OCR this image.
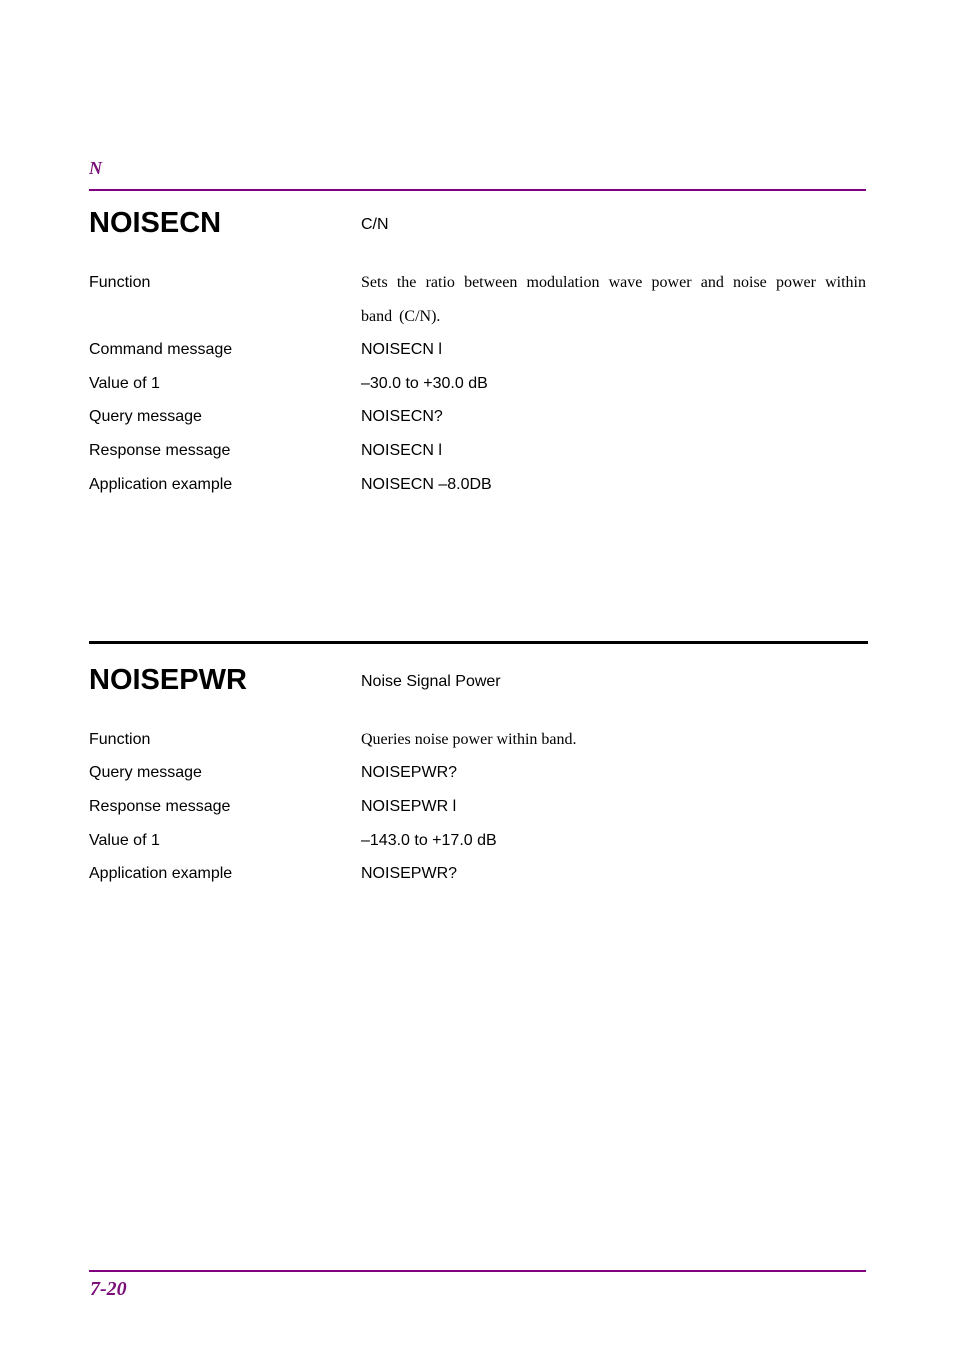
N
NOISECN	C/N
Function	Sets the ratio between modulation wave power and noise power within band (C/N).
Command message	NOISECN l
Value of 1	–30.0 to +30.0 dB
Query message	NOISECN?
Response message	NOISECN l
Application example	NOISECN –8.0DB
NOISEPWR	Noise Signal Power
Function	Queries noise power within band.
Query message	NOISEPWR?
Response message	NOISEPWR l
Value of 1	–143.0 to +17.0 dB
Application example	NOISEPWR?
7-20
